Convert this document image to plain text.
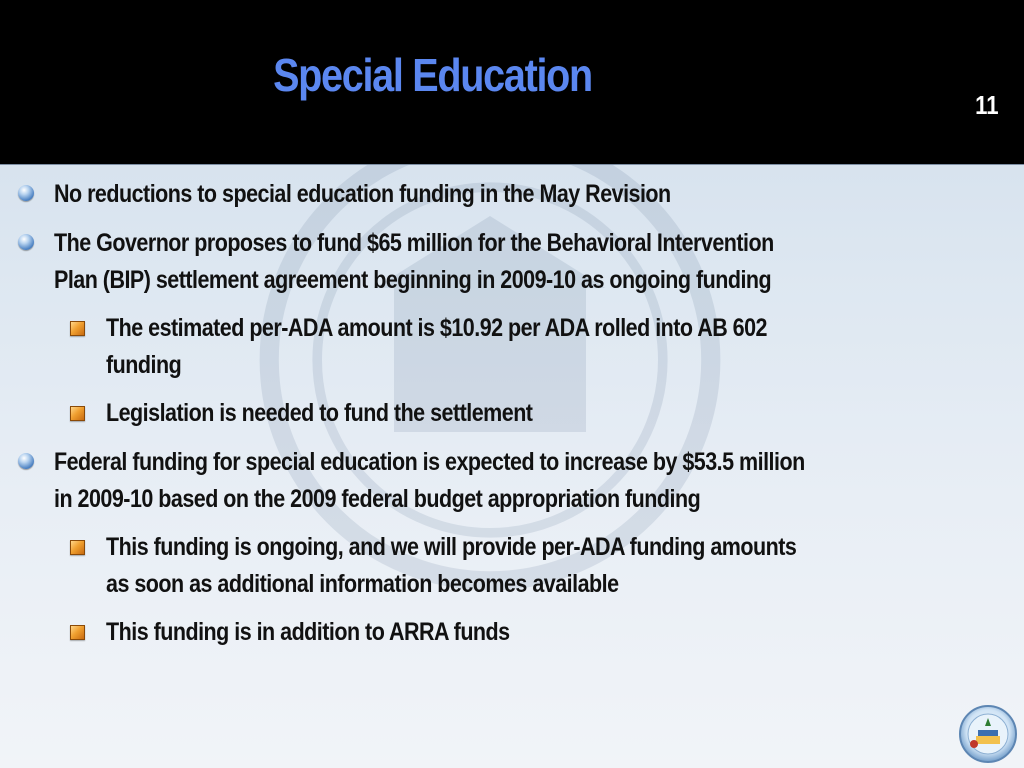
Special Education
11
No reductions to special education funding in the May Revision
The Governor proposes to fund $65 million for the Behavioral Intervention
Plan (BIP) settlement agreement beginning in 2009-10 as ongoing funding
The estimated per-ADA amount is $10.92 per ADA rolled into AB 602
funding
Legislation is needed to fund the settlement
Federal funding for special education is expected to increase by $53.5 million
in 2009-10 based on the 2009 federal budget appropriation funding
This funding is ongoing, and we will provide per-ADA funding amounts
as soon as additional information becomes available
This funding is in addition to ARRA funds
